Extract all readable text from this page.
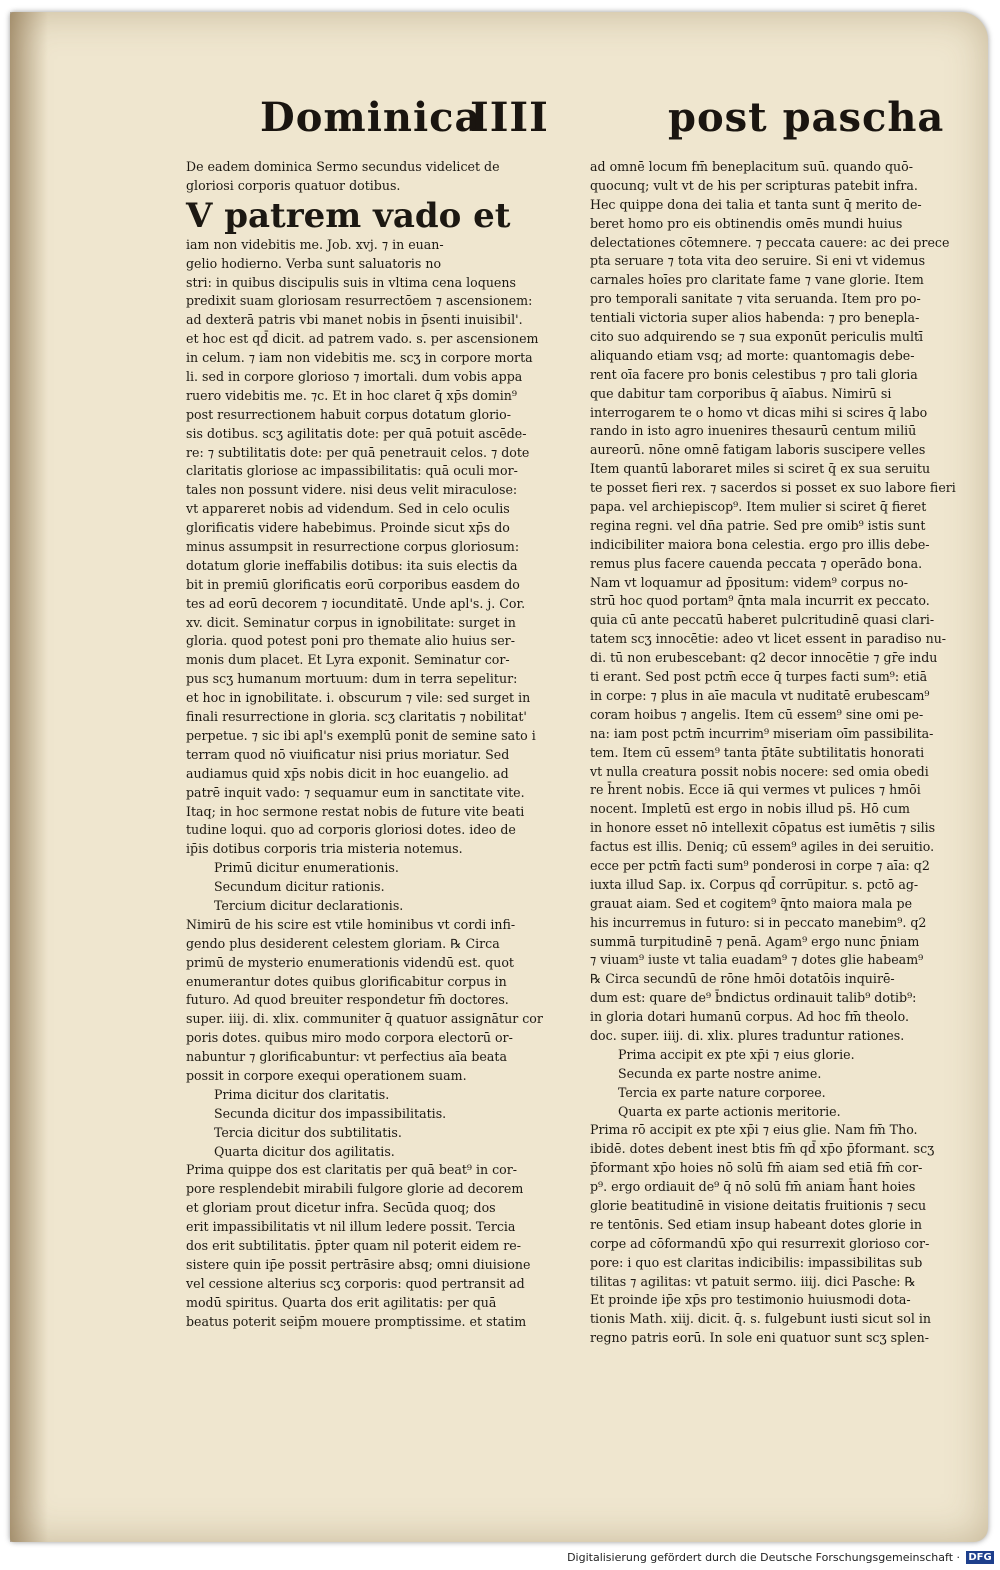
Dominica
IIII	post pascha
De eadem dominica Sermo secundus videlicet de
gloriosi corporis quatuor dotibus.
V patrem vado et
iam non videbitis me. Job. xvj. ⁊ in euan-
gelio hodierno. Verba sunt saluatoris no
stri: in quibus discipulis suis in vltima cena loquens
predixit suam gloriosam resurrectōem ⁊ ascensionem:
ad dexterā patris vbi manet nobis in p̄senti inuisibil'.
et hoc est qd̄ dicit. ad patrem vado. s. per ascensionem
in celum. ⁊ iam non videbitis me. scʒ in corpore morta
li. sed in corpore glorioso ⁊ imortali. dum vobis appa
ruero videbitis me. ⁊c. Et in hoc claret q̄ xp̄s domin⁹
post resurrectionem habuit corpus dotatum glorio-
sis dotibus. scʒ agilitatis dote: per quā potuit ascēde-
re: ⁊ subtilitatis dote: per quā penetrauit celos. ⁊ dote
claritatis gloriose ac impassibilitatis: quā oculi mor-
tales non possunt videre. nisi deus velit miraculose:
vt appareret nobis ad videndum. Sed in celo oculis
glorificatis videre habebimus. Proinde sicut xp̄s do
minus assumpsit in resurrectione corpus gloriosum:
dotatum glorie ineffabilis dotibus: ita suis electis da
bit in premiū glorificatis eorū corporibus easdem do
tes ad eorū decorem ⁊ iocunditatē. Unde apl's. j. Cor.
xv. dicit. Seminatur corpus in ignobilitate: surget in
gloria. quod potest poni pro themate alio huius ser-
monis dum placet. Et Lyra exponit. Seminatur cor-
pus scʒ humanum mortuum: dum in terra sepelitur:
et hoc in ignobilitate. i. obscurum ⁊ vile: sed surget in
finali resurrectione in gloria. scʒ claritatis ⁊ nobilitat'
perpetue. ⁊ sic ibi apl's exemplū ponit de semine sato i
terram quod nō viuificatur nisi prius moriatur. Sed
audiamus quid xp̄s nobis dicit in hoc euangelio. ad
patrē inquit vado: ⁊ sequamur eum in sanctitate vite.
Itaq; in hoc sermone restat nobis de future vite beati
tudine loqui. quo ad corporis gloriosi dotes. ideo de
ip̄is dotibus corporis tria misteria notemus.
Primū dicitur enumerationis.
Secundum dicitur rationis.
Tercium dicitur declarationis.
Nimirū de his scire est vtile hominibus vt cordi infi-
gendo plus desiderent celestem gloriam. ℞ Circa
primū de mysterio enumerationis videndū est. quot
enumerantur dotes quibus glorificabitur corpus in
futuro. Ad quod breuiter respondetur fm̄ doctores.
super. iiij. di. xlix. communiter q̄ quatuor assignātur cor
poris dotes. quibus miro modo corpora electorū or-
nabuntur ⁊ glorificabuntur: vt perfectius aīa beata
possit in corpore exequi operationem suam.
Prima dicitur dos claritatis.
Secunda dicitur dos impassibilitatis.
Tercia dicitur dos subtilitatis.
Quarta dicitur dos agilitatis.
Prima quippe dos est claritatis per quā beat⁹ in cor-
pore resplendebit mirabili fulgore glorie ad decorem
et gloriam prout dicetur infra. Secūda quoq; dos
erit impassibilitatis vt nil illum ledere possit. Tercia
dos erit subtilitatis. p̄pter quam nil poterit eidem re-
sistere quin ip̄e possit pertrāsire absq; omni diuisione
vel cessione alterius scʒ corporis: quod pertransit ad
modū spiritus. Quarta dos erit agilitatis: per quā
beatus poterit seip̄m mouere promptissime. et statim
ad omnē locum fm̄ beneplacitum suū. quando quō-
quocunq; vult vt de his per scripturas patebit infra.
Hec quippe dona dei talia et tanta sunt q̄ merito de-
beret homo pro eis obtinendis omēs mundi huius
delectationes cōtemnere. ⁊ peccata cauere: ac dei prece
pta seruare ⁊ tota vita deo seruire. Si eni vt videmus
carnales hoīes pro claritate fame ⁊ vane glorie. Item
pro temporali sanitate ⁊ vita seruanda. Item pro po-
tentiali victoria super alios habenda: ⁊ pro benepla-
cito suo adquirendo se ⁊ sua exponūt periculis multī
aliquando etiam vsq; ad morte: quantomagis debe-
rent oīa facere pro bonis celestibus ⁊ pro tali gloria
que dabitur tam corporibus q̄ aīabus. Nimirū si
interrogarem te o homo vt dicas mihi si scires q̄ labo
rando in isto agro inuenires thesaurū centum miliū
aureorū. nōne omnē fatigam laboris suscipere velles
Item quantū laboraret miles si sciret q̄ ex sua seruitu
te posset fieri rex. ⁊ sacerdos si posset ex suo labore fieri
papa. vel archiepiscop⁹. Item mulier si sciret q̄ fieret
regina regni. vel dn̄a patrie. Sed pre omib⁹ istis sunt
indicibiliter maiora bona celestia. ergo pro illis debe-
remus plus facere cauenda peccata ⁊ operādo bona.
Nam vt loquamur ad p̄positum: videm⁹ corpus no-
strū hoc quod portam⁹ q̄nta mala incurrit ex peccato.
quia cū ante peccatū haberet pulcritudinē quasi clari-
tatem scʒ innocētie: adeo vt licet essent in paradiso nu-
di. tū non erubescebant: q2 decor innocētie ⁊ gr̄e indu
ti erant. Sed post pctm̄ ecce q̄ turpes facti sum⁹: etiā
in corpe: ⁊ plus in aīe macula vt nuditatē erubescam⁹
coram hoibus ⁊ angelis. Item cū essem⁹ sine omi pe-
na: iam post pctm̄ incurrim⁹ miseriam oīm passibilita-
tem. Item cū essem⁹ tanta p̄tāte subtilitatis honorati
vt nulla creatura possit nobis nocere: sed omia obedi
re h̄rent nobis. Ecce iā qui vermes vt pulices ⁊ hmōi
nocent. Impletū est ergo in nobis illud ps̄. Hō cum
in honore esset nō intellexit cōpatus est iumētis ⁊ silis
factus est illis. Deniq; cū essem⁹ agiles in dei seruitio.
ecce per pctm̄ facti sum⁹ ponderosi in corpe ⁊ aīa: q2
iuxta illud Sap. ix. Corpus qd̄ corrūpitur. s. pctō ag-
grauat aiam. Sed et cogitem⁹ q̄nto maiora mala pe
his incurremus in futuro: si in peccato manebim⁹. q2
summā turpitudinē ⁊ penā. Agam⁹ ergo nunc p̄niam
⁊ viuam⁹ iuste vt talia euadam⁹ ⁊ dotes glie habeam⁹
℞ Circa secundū de rōne hmōi dotatōis inquirē-
dum est: quare de⁹ b̄ndictus ordinauit talib⁹ dotib⁹:
in gloria dotari humanū corpus. Ad hoc fm̄ theolo.
doc. super. iiij. di. xlix. plures traduntur rationes.
Prima accipit ex pte xp̄i ⁊ eius glorie.
Secunda ex parte nostre anime.
Tercia ex parte nature corporee.
Quarta ex parte actionis meritorie.
Prima rō accipit ex pte xp̄i ⁊ eius glie. Nam fm̄ Tho.
ibidē. dotes debent inest btis fm̄ qd̄ xp̄o p̄formant. scʒ
p̄formant xp̄o hoies nō solū fm̄ aiam sed etiā fm̄ cor-
p⁹. ergo ordiauit de⁹ q̄ nō solū fm̄ aniam h̄ant hoies
glorie beatitudinē in visione deitatis fruitionis ⁊ secu
re tentōnis. Sed etiam insup habeant dotes glorie in
corpe ad cōformandū xp̄o qui resurrexit glorioso cor-
pore: i quo est claritas indicibilis: impassibilitas sub
tilitas ⁊ agilitas: vt patuit sermo. iiij. dici Pasche: ℞
Et proinde ip̄e xp̄s pro testimonio huiusmodi dota-
tionis Math. xiij. dicit. q̄. s. fulgebunt iusti sicut sol in
regno patris eorū. In sole eni quatuor sunt scʒ splen-
Digitalisierung gefördert durch die Deutsche Forschungsgemeinschaft · DFG
